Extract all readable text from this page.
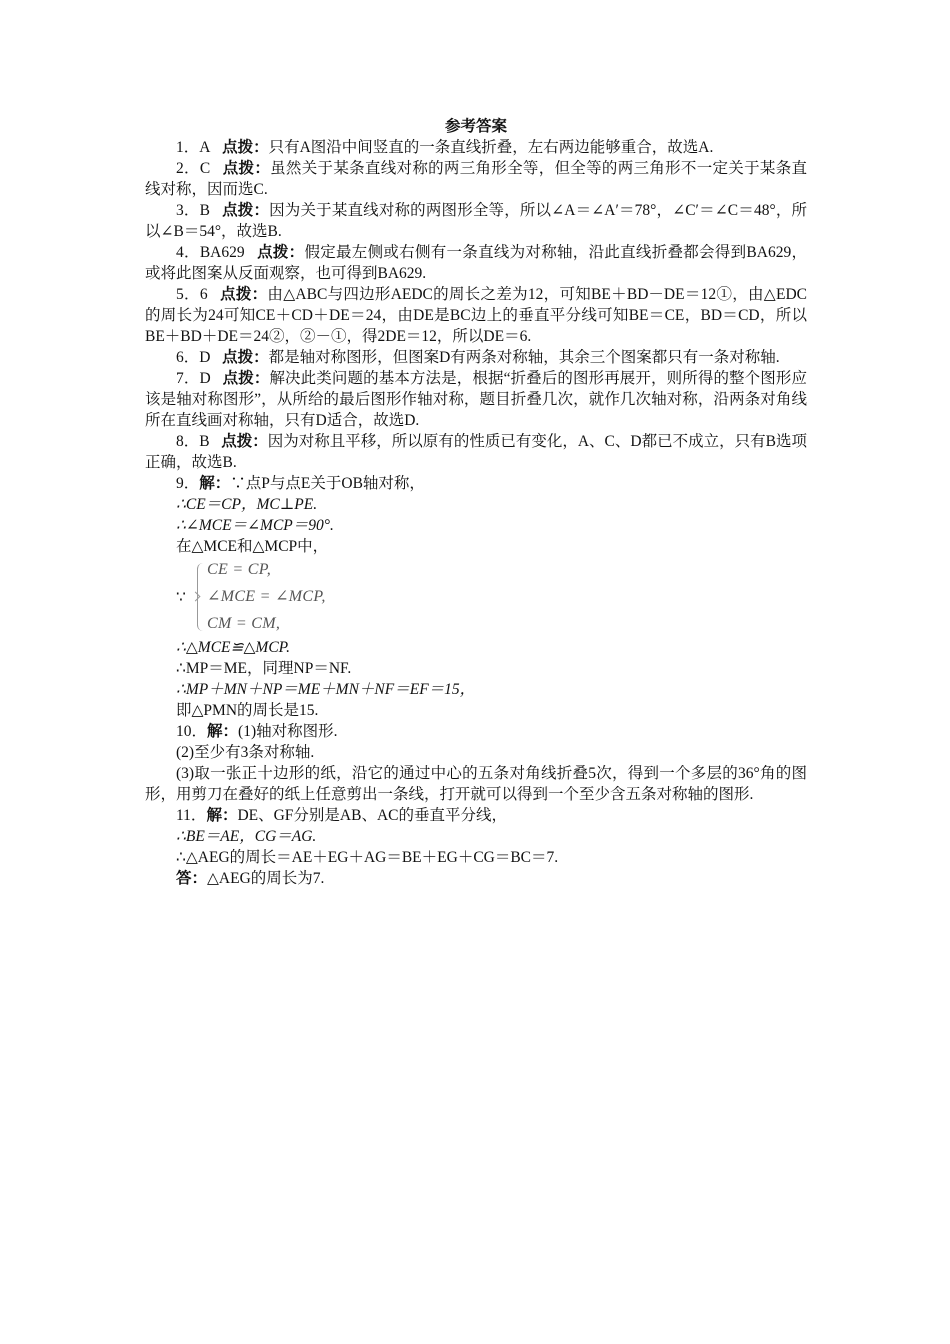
参考答案
1．A 点拨：只有A图沿中间竖直的一条直线折叠，左右两边能够重合，故选A.
2．C 点拨：虽然关于某条直线对称的两三角形全等，但全等的两三角形不一定关于某条直线对称，因而选C.
3．B 点拨：因为关于某直线对称的两图形全等，所以∠A＝∠A′＝78°，∠C′＝∠C＝48°，所以∠B＝54°，故选B.
4．BA629 点拨：假定最左侧或右侧有一条直线为对称轴，沿此直线折叠都会得到BA629，或将此图案从反面观察，也可得到BA629.
5．6 点拨：由△ABC与四边形AEDC的周长之差为12，可知BE＋BD－DE＝12①，由△EDC的周长为24可知CE＋CD＋DE＝24，由DE是BC边上的垂直平分线可知BE＝CE，BD＝CD，所以BE＋BD＋DE＝24②，②－①，得2DE＝12，所以DE＝6.
6．D 点拨：都是轴对称图形，但图案D有两条对称轴，其余三个图案都只有一条对称轴.
7．D 点拨：解决此类问题的基本方法是，根据“折叠后的图形再展开，则所得的整个图形应该是轴对称图形”，从所给的最后图形作轴对称，题目折叠几次，就作几次轴对称，沿两条对角线所在直线画对称轴，只有D适合，故选D.
8．B 点拨：因为对称且平移，所以原有的性质已有变化，A、C、D都已不成立，只有B选项正确，故选B.
9．解：∵点P与点E关于OB轴对称，
∴CE＝CP，MC⊥PE.
∴∠MCE＝∠MCP＝90°.
在△MCE和△MCP中，
∵
CE = CP,
∠MCE = ∠MCP,
CM = CM,
∴△MCE≌△MCP.
∴MP＝ME，同理NP＝NF.
∴MP＋MN＋NP＝ME＋MN＋NF＝EF＝15，
即△PMN的周长是15.
10．解：(1)轴对称图形.
(2)至少有3条对称轴.
(3)取一张正十边形的纸，沿它的通过中心的五条对角线折叠5次，得到一个多层的36°角的图形，用剪刀在叠好的纸上任意剪出一条线，打开就可以得到一个至少含五条对称轴的图形.
11．解：DE、GF分别是AB、AC的垂直平分线，
∴BE＝AE，CG＝AG.
∴△AEG的周长＝AE＋EG＋AG＝BE＋EG＋CG＝BC＝7.
答：△AEG的周长为7.
